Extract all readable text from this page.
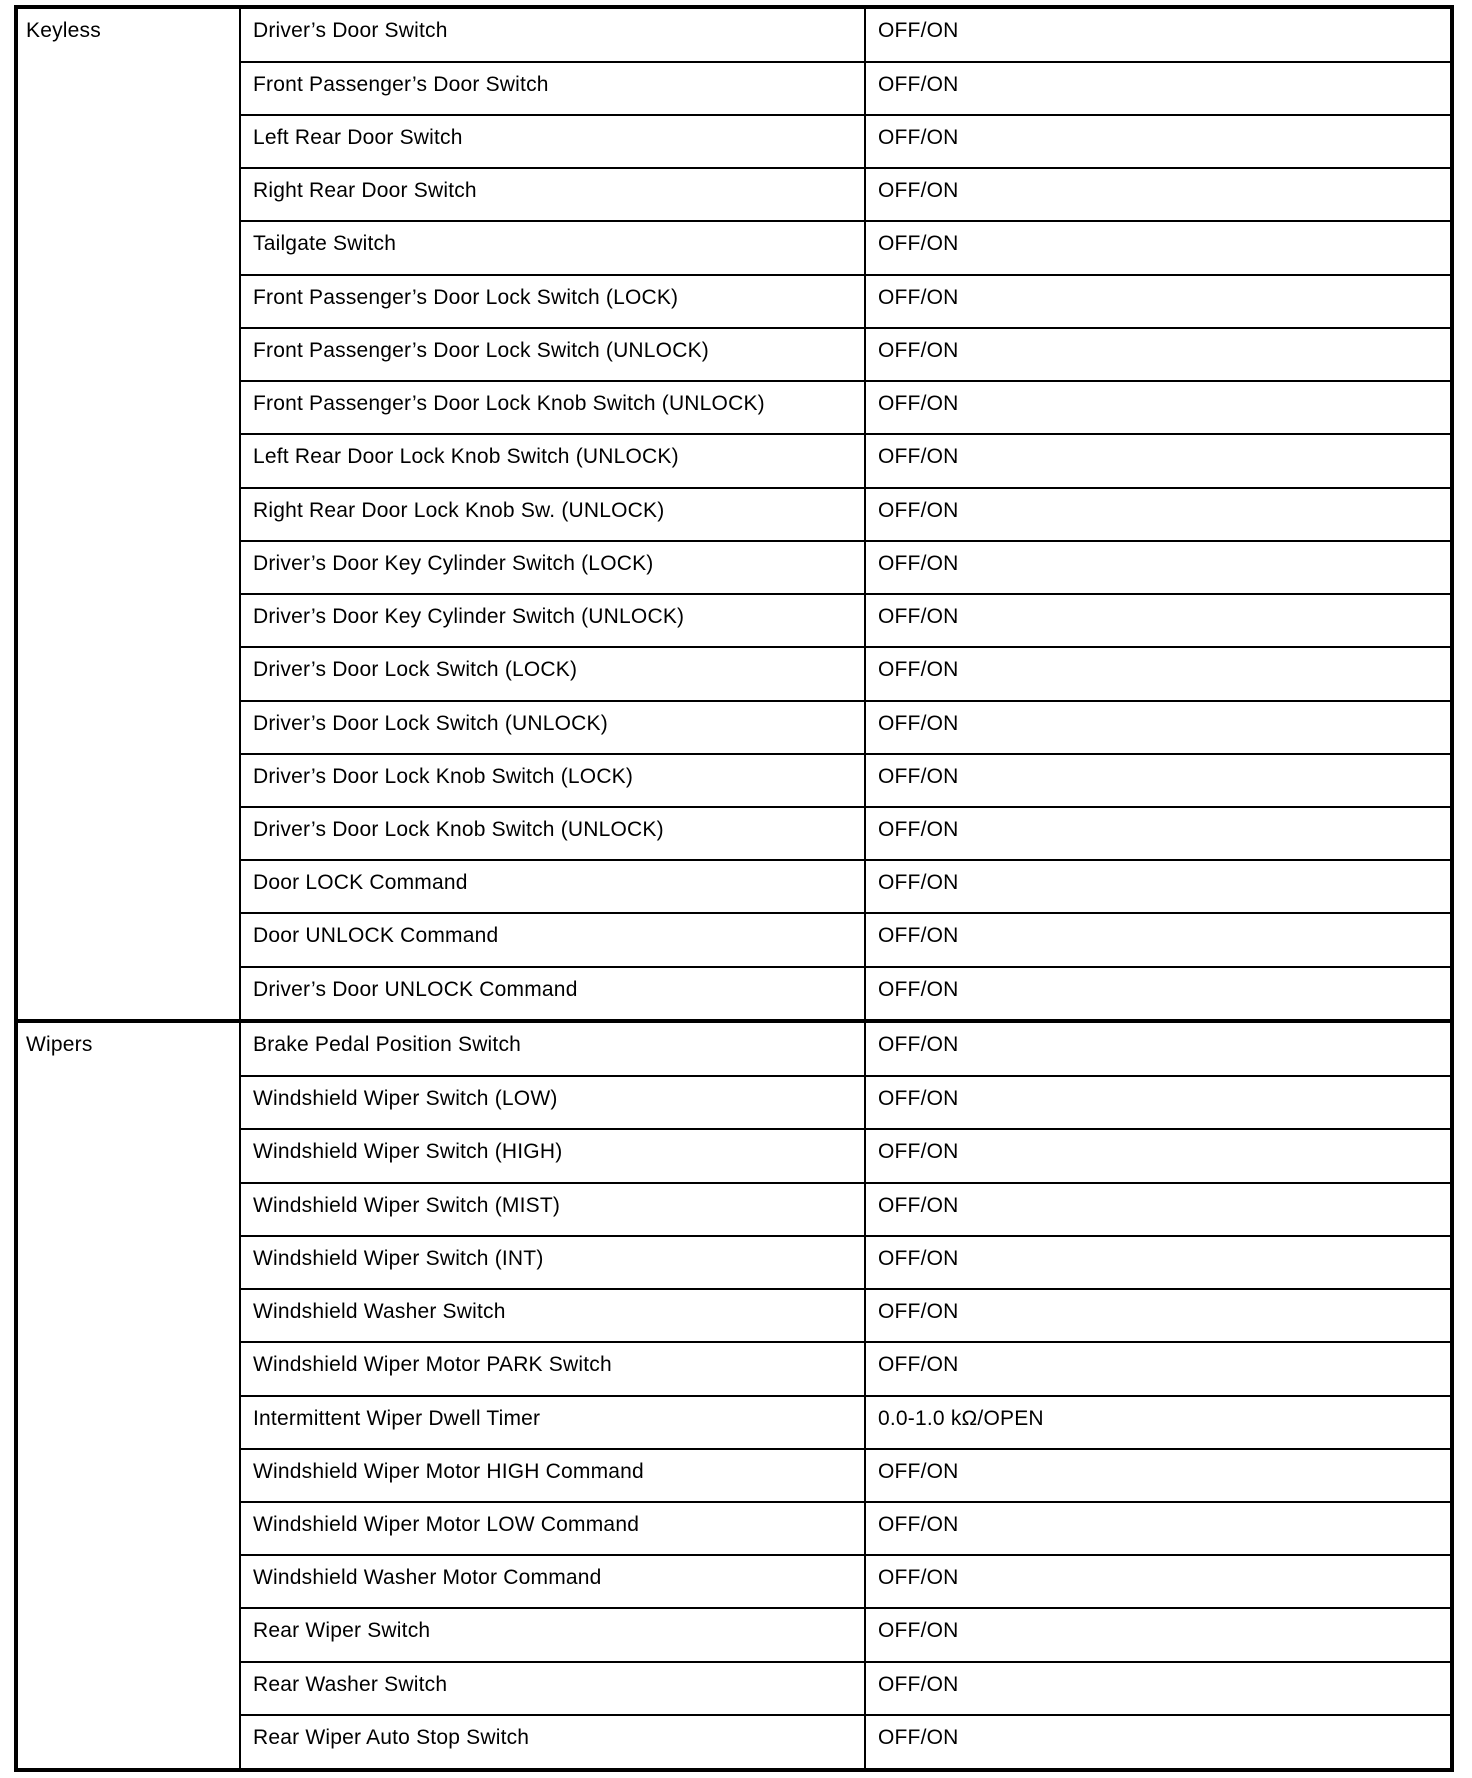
Keyless	Driver’s Door Switch	OFF/ON
	Front Passenger’s Door Switch	OFF/ON
	Left Rear Door Switch	OFF/ON
	Right Rear Door Switch	OFF/ON
	Tailgate Switch	OFF/ON
	Front Passenger’s Door Lock Switch (LOCK)	OFF/ON
	Front Passenger’s Door Lock Switch (UNLOCK)	OFF/ON
	Front Passenger’s Door Lock Knob Switch (UNLOCK)	OFF/ON
	Left Rear Door Lock Knob Switch (UNLOCK)	OFF/ON
	Right Rear Door Lock Knob Sw. (UNLOCK)	OFF/ON
	Driver’s Door Key Cylinder Switch (LOCK)	OFF/ON
	Driver’s Door Key Cylinder Switch (UNLOCK)	OFF/ON
	Driver’s Door Lock Switch (LOCK)	OFF/ON
	Driver’s Door Lock Switch (UNLOCK)	OFF/ON
	Driver’s Door Lock Knob Switch (LOCK)	OFF/ON
	Driver’s Door Lock Knob Switch (UNLOCK)	OFF/ON
	Door LOCK Command	OFF/ON
	Door UNLOCK Command	OFF/ON
	Driver’s Door UNLOCK Command	OFF/ON
Wipers	Brake Pedal Position Switch	OFF/ON
	Windshield Wiper Switch (LOW)	OFF/ON
	Windshield Wiper Switch (HIGH)	OFF/ON
	Windshield Wiper Switch (MIST)	OFF/ON
	Windshield Wiper Switch (INT)	OFF/ON
	Windshield Washer Switch	OFF/ON
	Windshield Wiper Motor PARK Switch	OFF/ON
	Intermittent Wiper Dwell Timer	0.0-1.0 kΩ/OPEN
	Windshield Wiper Motor HIGH Command	OFF/ON
	Windshield Wiper Motor LOW Command	OFF/ON
	Windshield Washer Motor Command	OFF/ON
	Rear Wiper Switch	OFF/ON
	Rear Washer Switch	OFF/ON
	Rear Wiper Auto Stop Switch	OFF/ON
